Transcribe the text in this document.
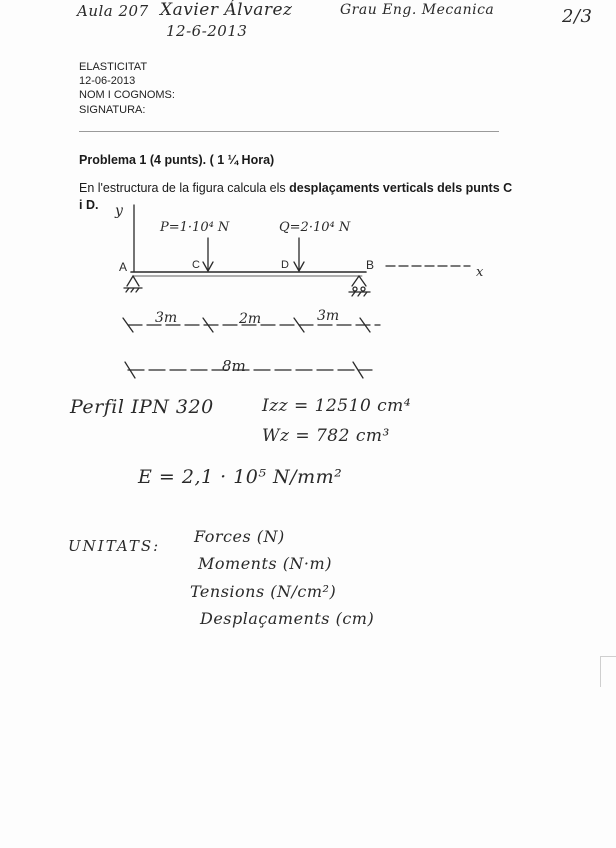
Aula 207 Xavier Álvarez	Grau Eng. Mecanica
12-6-2013
2/3
ELASTICITAT
12-06-2013
NOM I COGNOMS:
SIGNATURA:
Problema 1 (4 punts). ( 1 ¼ Hora)
En l'estructura de la figura calcula els desplaçaments verticals dels punts C i D.	y
x
P=1·10⁴ N	Q=2·10⁴ N
A	B
C	D
3m	2m	3m
8m
Perfil IPN 320	Izz = 12510 cm⁴
Wz = 782 cm³
E = 2,1 · 10⁵ N/mm²
UNITATS: Forces (N)
Moments (N·m)
Tensions (N/cm²)
Desplaçaments (cm)
